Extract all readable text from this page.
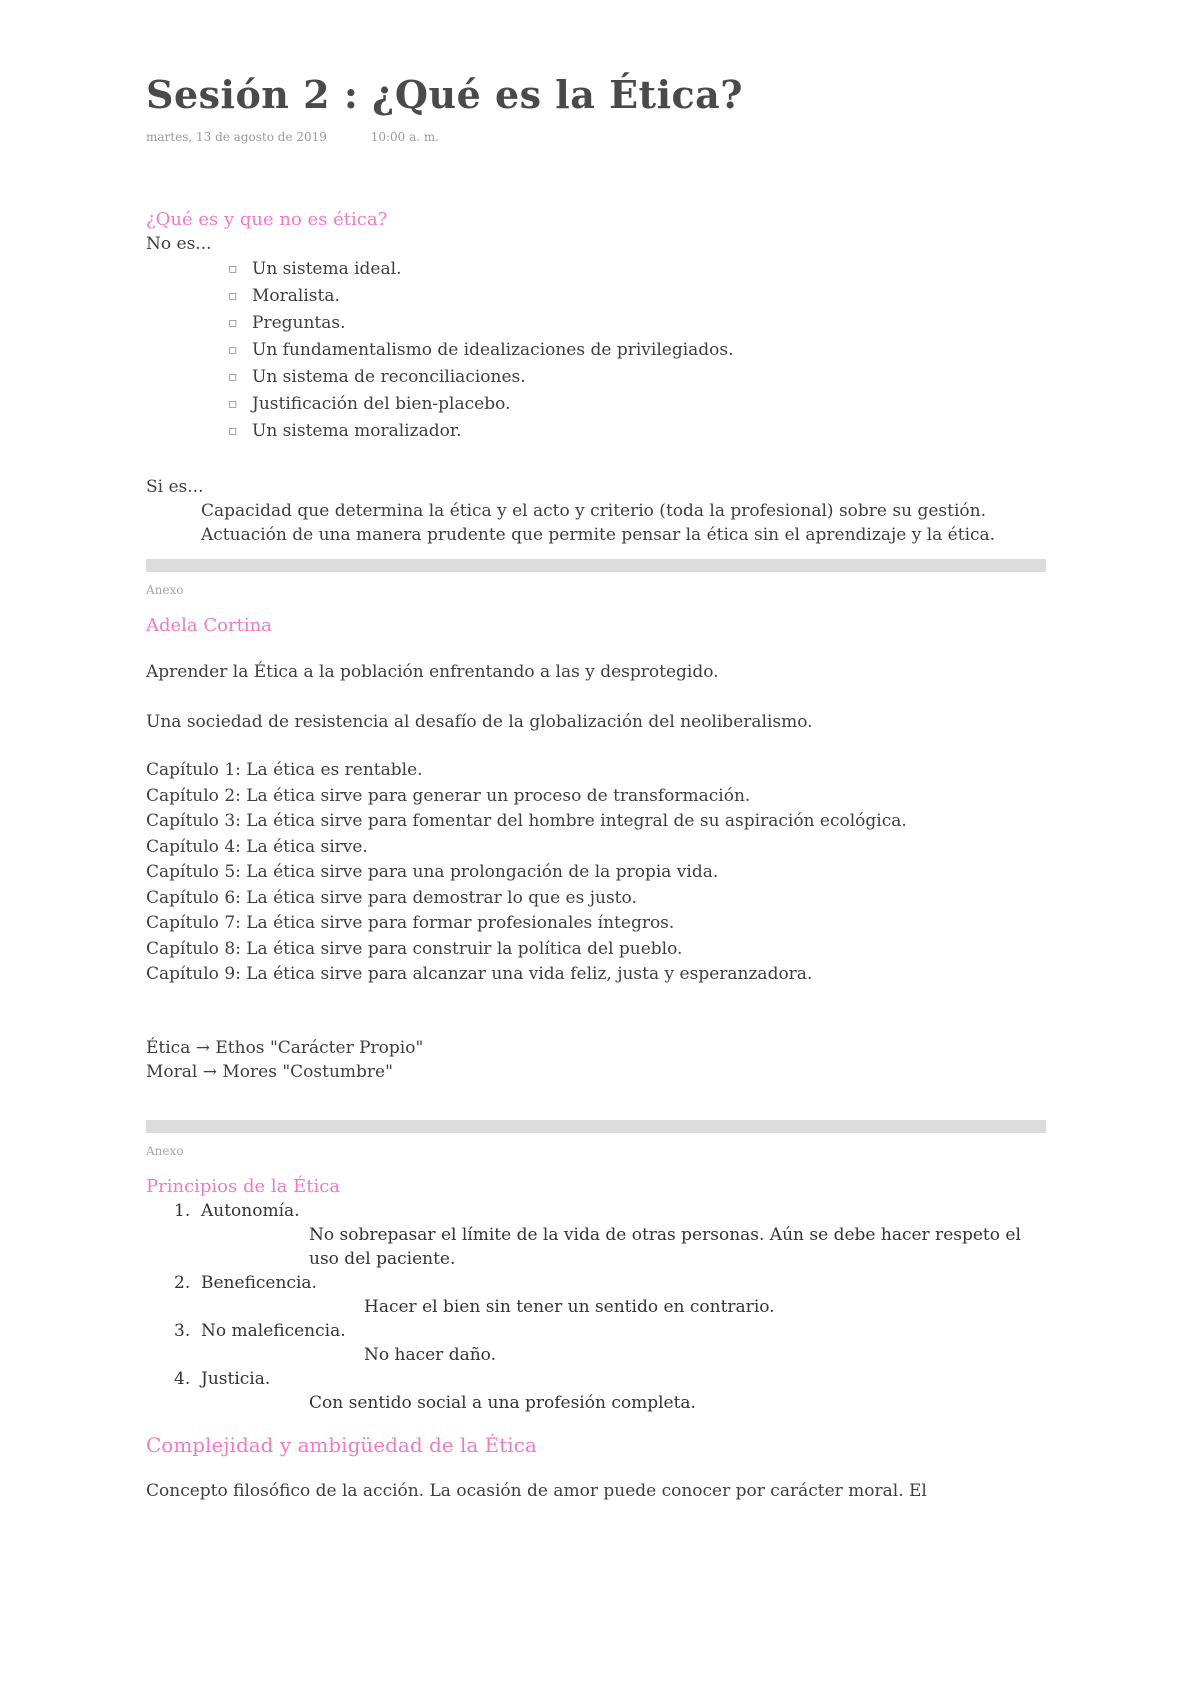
Sesión 2 : ¿Qué es la Ética?
martes, 13 de agosto de 2019	10:00 a. m.
¿Qué es y que no es ética?
No es...
▫ Un sistema ideal.
▫ Moralista.
▫ Preguntas.
▫ Un fundamentalismo de idealizaciones de privilegiados.
▫ Un sistema de reconciliaciones.
▫ Justificación del bien-placebo.
▫ Un sistema moralizador.
Si es...
Capacidad que determina la ética y el acto y criterio (toda la profesional) sobre su gestión.
Actuación de una manera prudente que permite pensar la ética sin el aprendizaje y la ética.
Anexo
Adela Cortina
Aprender la Ética a la población enfrentando a las y desprotegido.
Una sociedad de resistencia al desafío de la globalización del neoliberalismo.
Capítulo 1: La ética es rentable.
Capítulo 2: La ética sirve para generar un proceso de transformación.
Capítulo 3: La ética sirve para fomentar del hombre integral de su aspiración ecológica.
Capítulo 4: La ética sirve.
Capítulo 5: La ética sirve para una prolongación de la propia vida.
Capítulo 6: La ética sirve para demostrar lo que es justo.
Capítulo 7: La ética sirve para formar profesionales íntegros.
Capítulo 8: La ética sirve para construir la política del pueblo.
Capítulo 9: La ética sirve para alcanzar una vida feliz, justa y esperanzadora.
Ética → Ethos "Carácter Propio"
Moral → Mores "Costumbre"
Anexo
Principios de la Ética
1. Autonomía.
No sobrepasar el límite de la vida de otras personas. Aún se debe hacer respeto el uso del paciente.
2. Beneficencia.
Hacer el bien sin tener un sentido en contrario.
3. No maleficencia.
No hacer daño.
4. Justicia.
Con sentido social a una profesión completa.
Complejidad y ambigüedad de la Ética
Concepto filosófico de la acción. La ocasión de amor puede conocer por carácter moral. El
